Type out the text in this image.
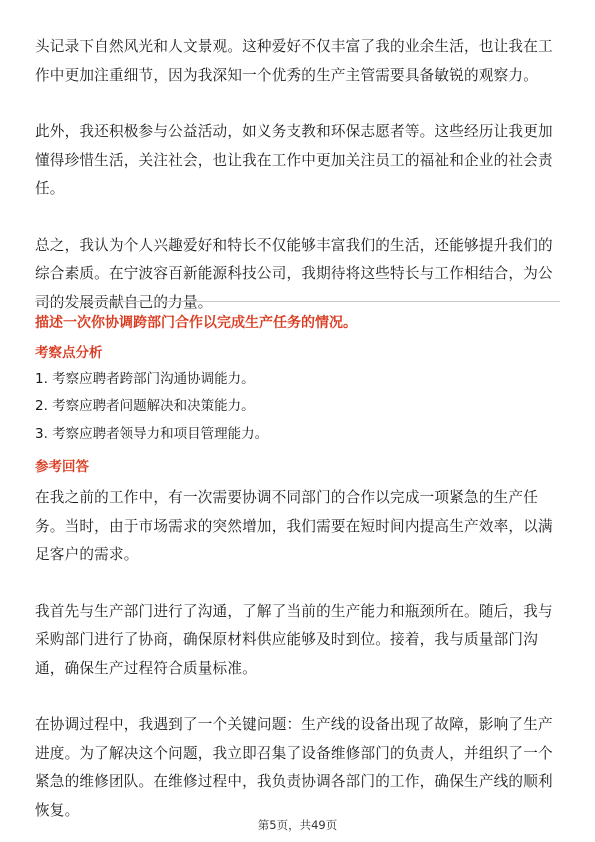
头记录下自然风光和人文景观。这种爱好不仅丰富了我的业余生活，也让我在工作中更加注重细节，因为我深知一个优秀的生产主管需要具备敏锐的观察力。

此外，我还积极参与公益活动，如义务支教和环保志愿者等。这些经历让我更加懂得珍惜生活，关注社会，也让我在工作中更加关注员工的福祉和企业的社会责任。

总之，我认为个人兴趣爱好和特长不仅能够丰富我们的生活，还能够提升我们的综合素质。在宁波容百新能源科技公司，我期待将这些特长与工作相结合，为公司的发展贡献自己的力量。

描述一次你协调跨部门合作以完成生产任务的情况。
考察点分析
1. 考察应聘者跨部门沟通协调能力。
2. 考察应聘者问题解决和决策能力。
3. 考察应聘者领导力和项目管理能力。
参考回答

在我之前的工作中，有一次需要协调不同部门的合作以完成一项紧急的生产任务。当时，由于市场需求的突然增加，我们需要在短时间内提高生产效率，以满足客户的需求。

我首先与生产部门进行了沟通，了解了当前的生产能力和瓶颈所在。随后，我与采购部门进行了协商，确保原材料供应能够及时到位。接着，我与质量部门沟通，确保生产过程符合质量标准。

在协调过程中，我遇到了一个关键问题：生产线的设备出现了故障，影响了生产进度。为了解决这个问题，我立即召集了设备维修部门的负责人，并组织了一个紧急的维修团队。在维修过程中，我负责协调各部门的工作，确保生产线的顺利恢复。

第5页，共49页
